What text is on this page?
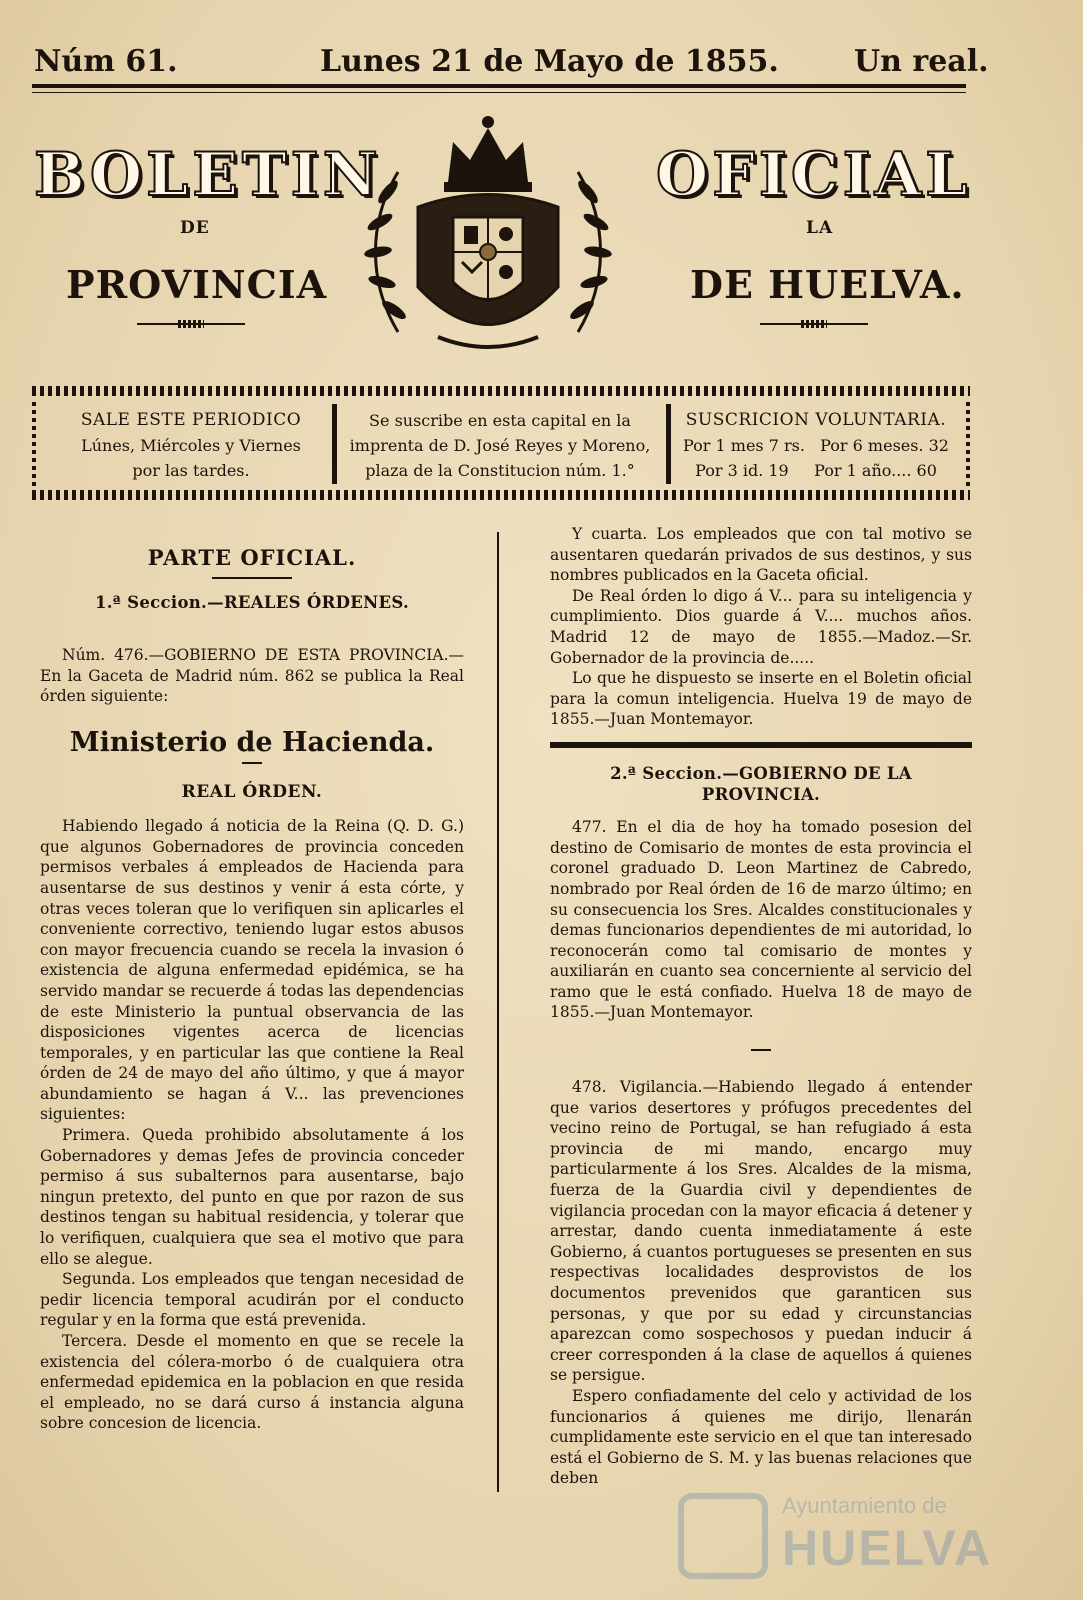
Núm 61.	Lunes 21 de Mayo de 1855.	Un real.
BOLETIN	OFICIAL
DE	LA
PROVINCIA	DE HUELVA.
SALE ESTE PERIODICO
Lúnes, Miércoles y Viernes
por las tardes.
Se suscribe en esta capital en la
imprenta de D. José Reyes y Moreno,
plaza de la Constitucion núm. 1.°
SUSCRICION VOLUNTARIA.
Por 1 mes 7 rs.   Por 6 meses. 32
Por 3 id. 19     Por 1 año.... 60
PARTE OFICIAL.
1.ª Seccion.—REALES ÓRDENES.

Núm. 476.—GOBIERNO DE ESTA PROVINCIA.— En la Gaceta de Madrid núm. 862 se publica la Real órden siguiente:

Ministerio de Hacienda.
REAL ÓRDEN.

Habiendo llegado á noticia de la Reina (Q. D. G.) que algunos Gobernadores de provincia conceden permisos verbales á empleados de Hacienda para ausentarse de sus destinos y venir á esta córte, y otras veces toleran que lo verifiquen sin aplicarles el conveniente correctivo, teniendo lugar estos abusos con mayor frecuencia cuando se recela la invasion ó existencia de alguna enfermedad epidémica, se ha servido mandar se recuerde á todas las dependencias de este Ministerio la puntual observancia de las disposiciones vigentes acerca de licencias temporales, y en particular las que contiene la Real órden de 24 de mayo del año último, y que á mayor abundamiento se hagan á V... las prevenciones siguientes:

Primera. Queda prohibido absolutamente á los Gobernadores y demas Jefes de provincia conceder permiso á sus subalternos para ausentarse, bajo ningun pretexto, del punto en que por razon de sus destinos tengan su habitual residencia, y tolerar que lo verifiquen, cualquiera que sea el motivo que para ello se alegue.

Segunda. Los empleados que tengan necesidad de pedir licencia temporal acudirán por el conducto regular y en la forma que está prevenida.

Tercera. Desde el momento en que se recele la existencia del cólera-morbo ó de cualquiera otra enfermedad epidemica en la poblacion en que resida el empleado, no se dará curso á instancia alguna sobre concesion de licencia.

Y cuarta. Los empleados que con tal motivo se ausentaren quedarán privados de sus destinos, y sus nombres publicados en la Gaceta oficial.

De Real órden lo digo á V... para su inteligencia y cumplimiento. Dios guarde á V.... muchos años. Madrid 12 de mayo de 1855.—Madoz.—Sr. Gobernador de la provincia de.....

Lo que he dispuesto se inserte en el Boletin oficial para la comun inteligencia. Huelva 19 de mayo de 1855.—Juan Montemayor.

2.ª Seccion.—GOBIERNO DE LA PROVINCIA.

477. En el dia de hoy ha tomado posesion del destino de Comisario de montes de esta provincia el coronel graduado D. Leon Martinez de Cabredo, nombrado por Real órden de 16 de marzo último; en su consecuencia los Sres. Alcaldes constitucionales y demas funcionarios dependientes de mi autoridad, lo reconocerán como tal comisario de montes y auxiliarán en cuanto sea concerniente al servicio del ramo que le está confiado. Huelva 18 de mayo de 1855.—Juan Montemayor.

478. Vigilancia.—Habiendo llegado á entender que varios desertores y prófugos precedentes del vecino reino de Portugal, se han refugiado á esta provincia de mi mando, encargo muy particularmente á los Sres. Alcaldes de la misma, fuerza de la Guardia civil y dependientes de vigilancia procedan con la mayor eficacia á detener y arrestar, dando cuenta inmediatamente á este Gobierno, á cuantos portugueses se presenten en sus respectivas localidades desprovistos de los documentos prevenidos que garanticen sus personas, y que por su edad y circunstancias aparezcan como sospechosos y puedan inducir á creer corresponden á la clase de aquellos á quienes se persigue.

Espero confiadamente del celo y actividad de los funcionarios á quienes me dirijo, llenarán cumplidamente este servicio en el que tan interesado está el Gobierno de S. M. y las buenas relaciones que deben

Ayuntamiento de
HUELVA
